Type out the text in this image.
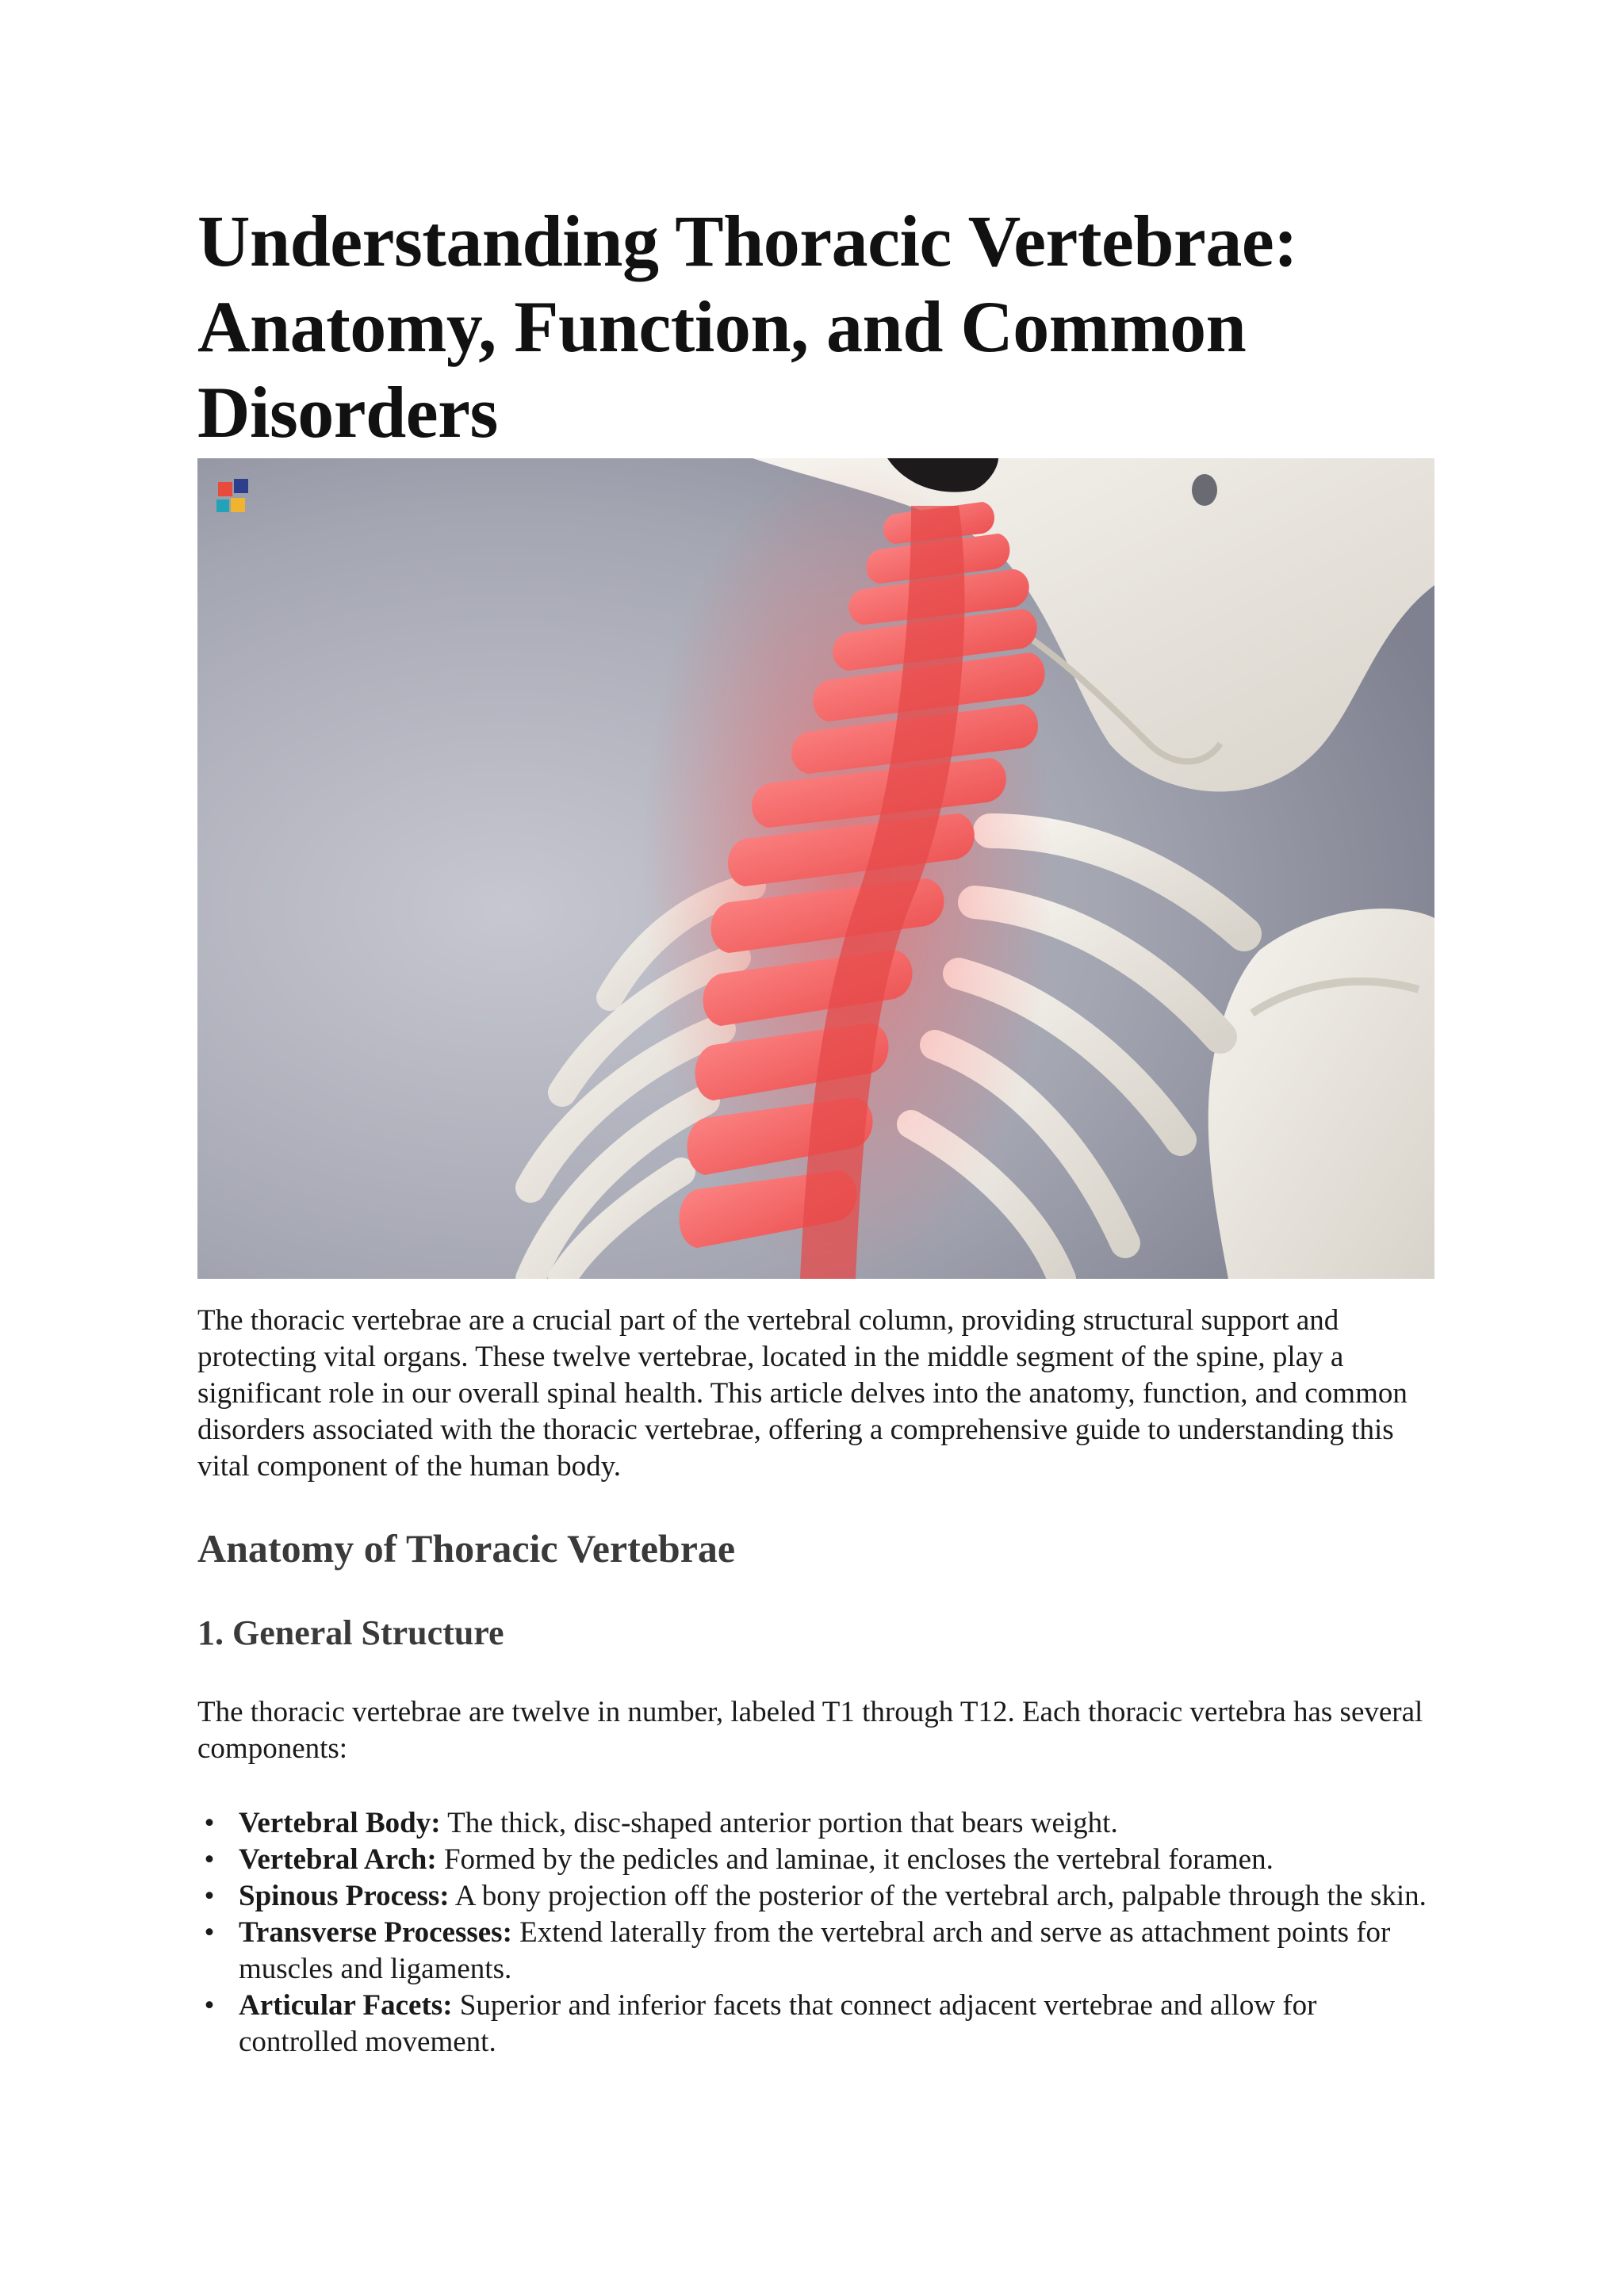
Understanding Thoracic Vertebrae: Anatomy, Function, and Common Disorders

The thoracic vertebrae are a crucial part of the vertebral column, providing structural support and protecting vital organs. These twelve vertebrae, located in the middle segment of the spine, play a significant role in our overall spinal health. This article delves into the anatomy, function, and common disorders associated with the thoracic vertebrae, offering a comprehensive guide to understanding this vital component of the human body.

Anatomy of Thoracic Vertebrae
1. General Structure

The thoracic vertebrae are twelve in number, labeled T1 through T12. Each thoracic vertebra has several components:

• Vertebral Body: The thick, disc-shaped anterior portion that bears weight.
• Vertebral Arch: Formed by the pedicles and laminae, it encloses the vertebral foramen.
• Spinous Process: A bony projection off the posterior of the vertebral arch, palpable through the skin.
• Transverse Processes: Extend laterally from the vertebral arch and serve as attachment points for muscles and ligaments.
• Articular Facets: Superior and inferior facets that connect adjacent vertebrae and allow for controlled movement.
